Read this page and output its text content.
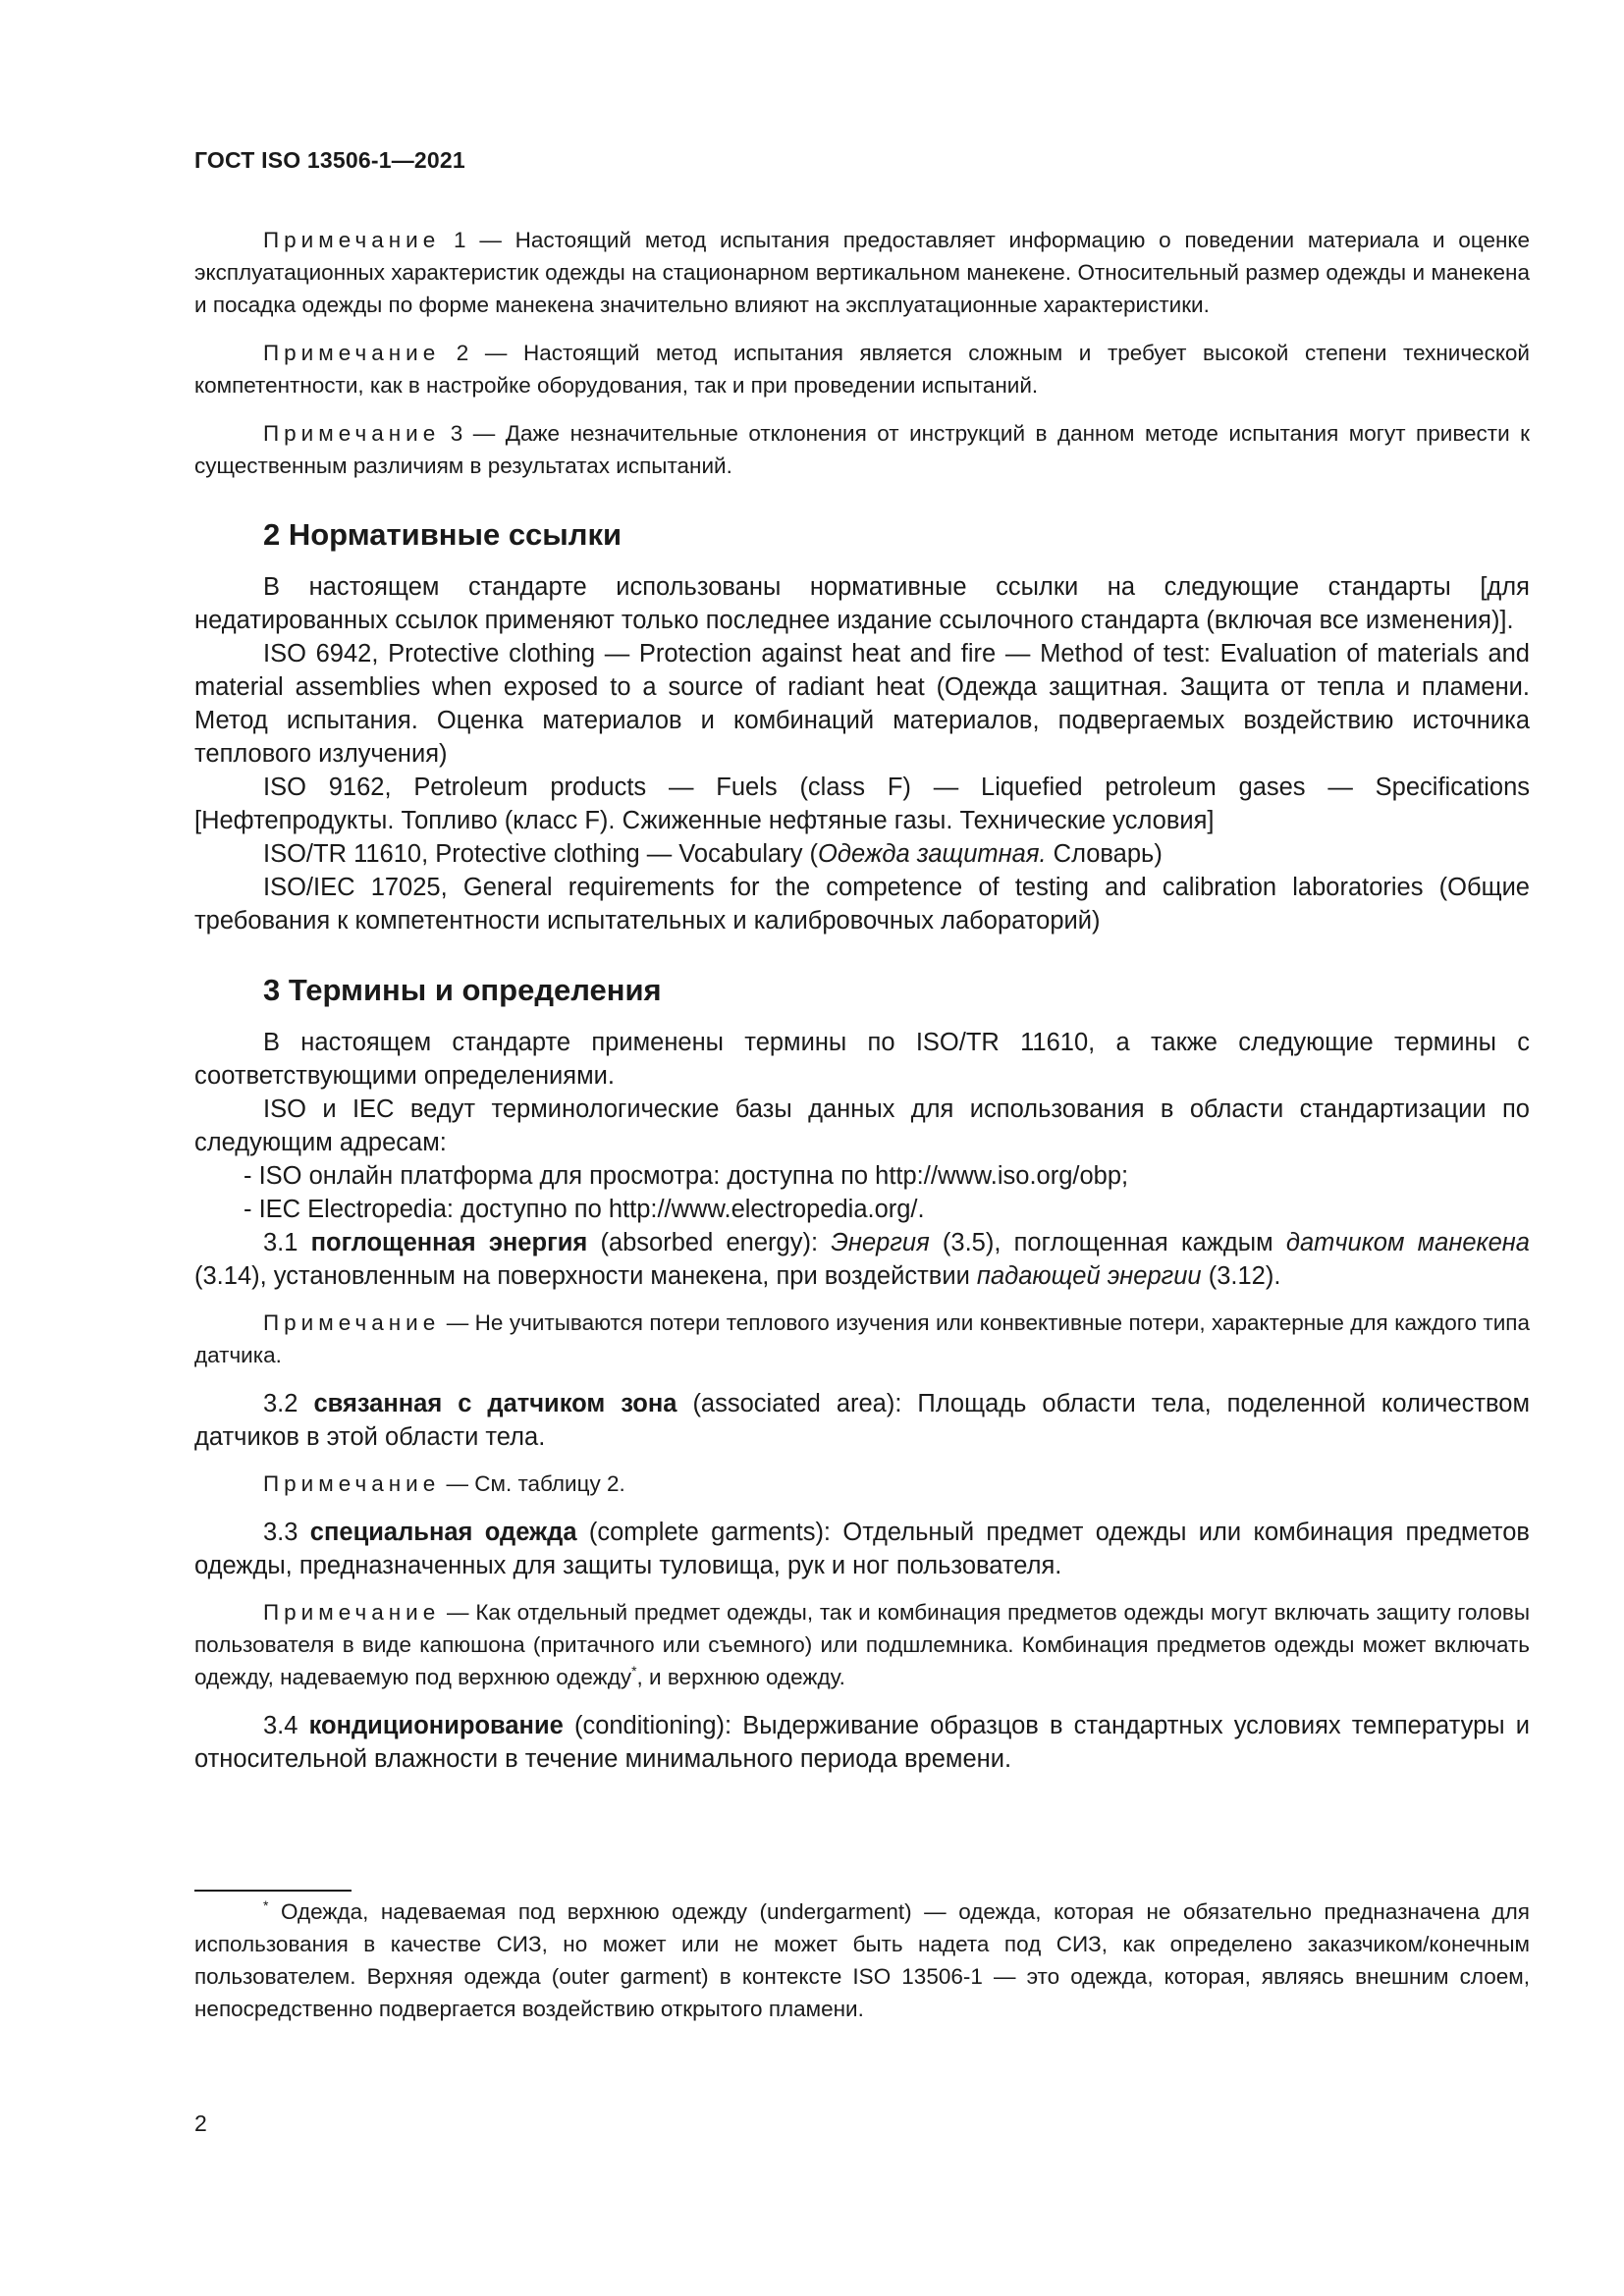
ГОСТ ISO 13506-1—2021

Примечание 1 — Настоящий метод испытания предоставляет информацию о поведении материала и оценке эксплуатационных характеристик одежды на стационарном вертикальном манекене. Относительный размер одежды и манекена и посадка одежды по форме манекена значительно влияют на эксплуатационные характеристики.

Примечание 2 — Настоящий метод испытания является сложным и требует высокой степени технической компетентности, как в настройке оборудования, так и при проведении испытаний.

Примечание 3 — Даже незначительные отклонения от инструкций в данном методе испытания могут привести к существенным различиям в результатах испытаний.

2 Нормативные ссылки

В настоящем стандарте использованы нормативные ссылки на следующие стандарты [для недатированных ссылок применяют только последнее издание ссылочного стандарта (включая все изменения)].

ISO 6942, Protective clothing — Protection against heat and fire — Method of test: Evaluation of materials and material assemblies when exposed to a source of radiant heat (Одежда защитная. Защита от тепла и пламени. Метод испытания. Оценка материалов и комбинаций материалов, подвергаемых воздействию источника теплового излучения)

ISO 9162, Petroleum products — Fuels (class F) — Liquefied petroleum gases — Specifications [Нефтепродукты. Топливо (класс F). Сжиженные нефтяные газы. Технические условия]

ISO/TR 11610, Protective clothing — Vocabulary (Одежда защитная. Словарь)

ISO/IEC 17025, General requirements for the competence of testing and calibration laboratories (Общие требования к компетентности испытательных и калибровочных лабораторий)

3 Термины и определения

В настоящем стандарте применены термины по ISO/TR 11610, а также следующие термины с соответствующими определениями.

ISO и IEC ведут терминологические базы данных для использования в области стандартизации по следующим адресам:

- ISO онлайн платформа для просмотра: доступна по http://www.iso.org/obp;

- IEC Electropedia: доступно по http://www.electropedia.org/.

3.1 поглощенная энергия (absorbed energy): Энергия (3.5), поглощенная каждым датчиком манекена (3.14), установленным на поверхности манекена, при воздействии падающей энергии (3.12).

Примечание — Не учитываются потери теплового изучения или конвективные потери, характерные для каждого типа датчика.

3.2 связанная с датчиком зона (associated area): Площадь области тела, поделенной количеством датчиков в этой области тела.

Примечание — См. таблицу 2.

3.3 специальная одежда (complete garments): Отдельный предмет одежды или комбинация предметов одежды, предназначенных для защиты туловища, рук и ног пользователя.

Примечание — Как отдельный предмет одежды, так и комбинация предметов одежды могут включать защиту головы пользователя в виде капюшона (притачного или съемного) или подшлемника. Комбинация предметов одежды может включать одежду, надеваемую под верхнюю одежду*, и верхнюю одежду.

3.4 кондиционирование (conditioning): Выдерживание образцов в стандартных условиях температуры и относительной влажности в течение минимального периода времени.

* Одежда, надеваемая под верхнюю одежду (undergarment) — одежда, которая не обязательно предназначена для использования в качестве СИЗ, но может или не может быть надета под СИЗ, как определено заказчиком/конечным пользователем. Верхняя одежда (outer garment) в контексте ISO 13506-1 — это одежда, которая, являясь внешним слоем, непосредственно подвергается воздействию открытого пламени.
2
